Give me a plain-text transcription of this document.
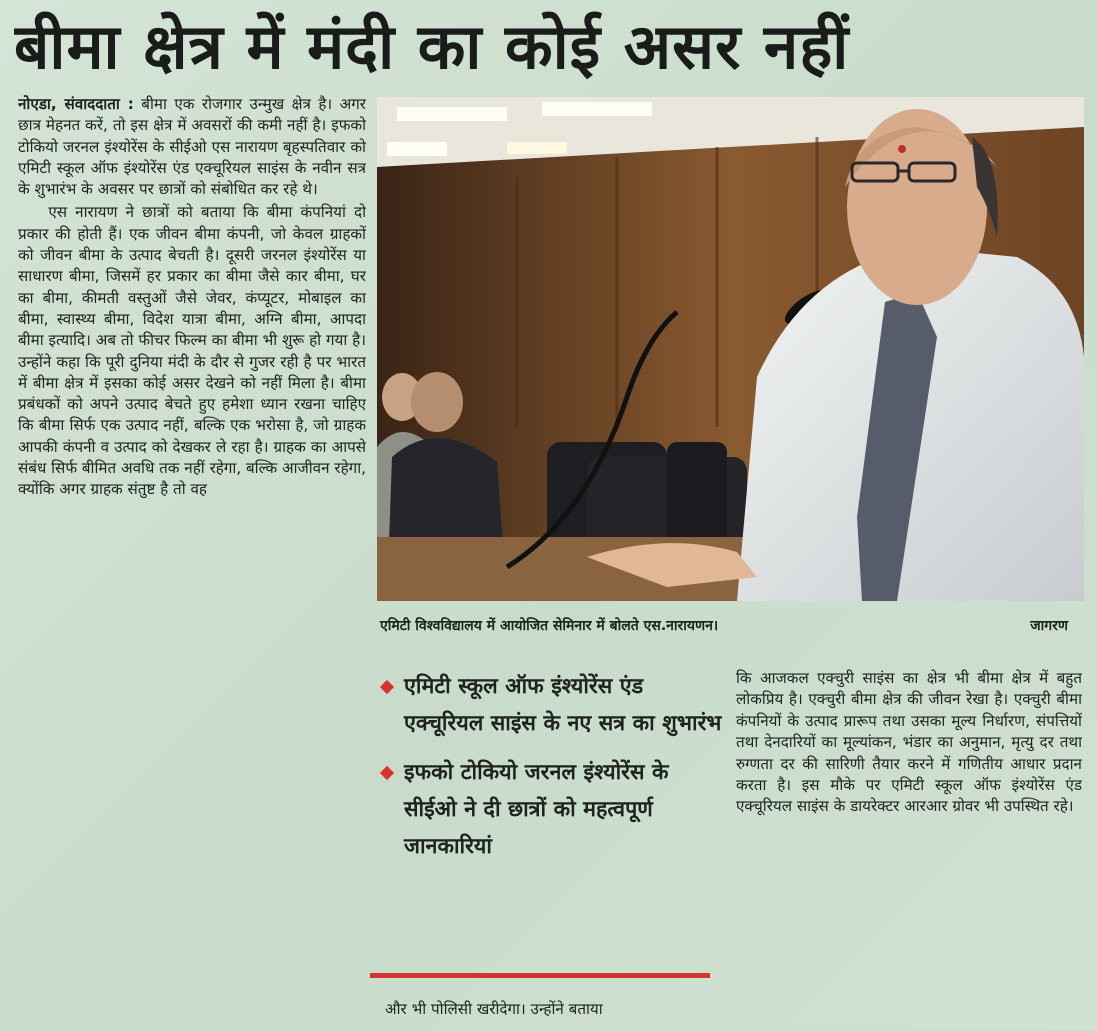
बीमा क्षेत्र में मंदी का कोई असर नहीं

नोएडा, संवाददाता : बीमा एक रोजगार उन्मुख क्षेत्र है। अगर छात्र मेहनत करें, तो इस क्षेत्र में अवसरों की कमी नहीं है। इफको टोकियो जरनल इंश्योरेंस के सीईओ एस नारायण बृहस्पतिवार को एमिटी स्कूल ऑफ इंश्योरेंस एंड एक्चूरियल साइंस के नवीन सत्र के शुभारंभ के अवसर पर छात्रों को संबोधित कर रहे थे।

एस नारायण ने छात्रों को बताया कि बीमा कंपनियां दो प्रकार की होती हैं। एक जीवन बीमा कंपनी, जो केवल ग्राहकों को जीवन बीमा के उत्पाद बेचती है। दूसरी जरनल इंश्योरेंस या साधारण बीमा, जिसमें हर प्रकार का बीमा जैसे कार बीमा, घर का बीमा, कीमती वस्तुओं जैसे जेवर, कंप्यूटर, मोबाइल का बीमा, स्वास्थ्य बीमा, विदेश यात्रा बीमा, अग्नि बीमा, आपदा बीमा इत्यादि। अब तो फीचर फिल्म का बीमा भी शुरू हो गया है। उन्होंने कहा कि पूरी दुनिया मंदी के दौर से गुजर रही है पर भारत में बीमा क्षेत्र में इसका कोई असर देखने को नहीं मिला है। बीमा प्रबंधकों को अपने उत्पाद बेचते हुए हमेशा ध्यान रखना चाहिए कि बीमा सिर्फ एक उत्पाद नहीं, बल्कि एक भरोसा है, जो ग्राहक आपकी कंपनी व उत्पाद को देखकर ले रहा है। ग्राहक का आपसे संबंध सिर्फ बीमित अवधि तक नहीं रहेगा, बल्कि आजीवन रहेगा, क्योंकि अगर ग्राहक संतुष्ट है तो वह

एमिटी विश्वविद्यालय में आयोजित सेमिनार में बोलते एस.नारायणन।	जागरण
एमिटी स्कूल ऑफ इंश्योरेंस एंड एक्चूरियल साइंस के नए सत्र का शुभारंभ
इफको टोकियो जरनल इंश्योरेंस के सीईओ ने दी छात्रों को महत्वपूर्ण जानकारियां
और भी पोलिसी खरीदेगा। उन्होंने बताया

कि आजकल एक्चुरी साइंस का क्षेत्र भी बीमा क्षेत्र में बहुत लोकप्रिय है। एक्चुरी बीमा क्षेत्र की जीवन रेखा है। एक्चुरी बीमा कंपनियों के उत्पाद प्रारूप तथा उसका मूल्य निर्धारण, संपत्तियों तथा देनदारियों का मूल्यांकन, भंडार का अनुमान, मृत्यु दर तथा रुग्णता दर की सारिणी तैयार करने में गणितीय आधार प्रदान करता है। इस मौके पर एमिटी स्कूल ऑफ इंश्योरेंस एंड एक्चूरियल साइंस के डायरेक्टर आरआर ग्रोवर भी उपस्थित रहे।
